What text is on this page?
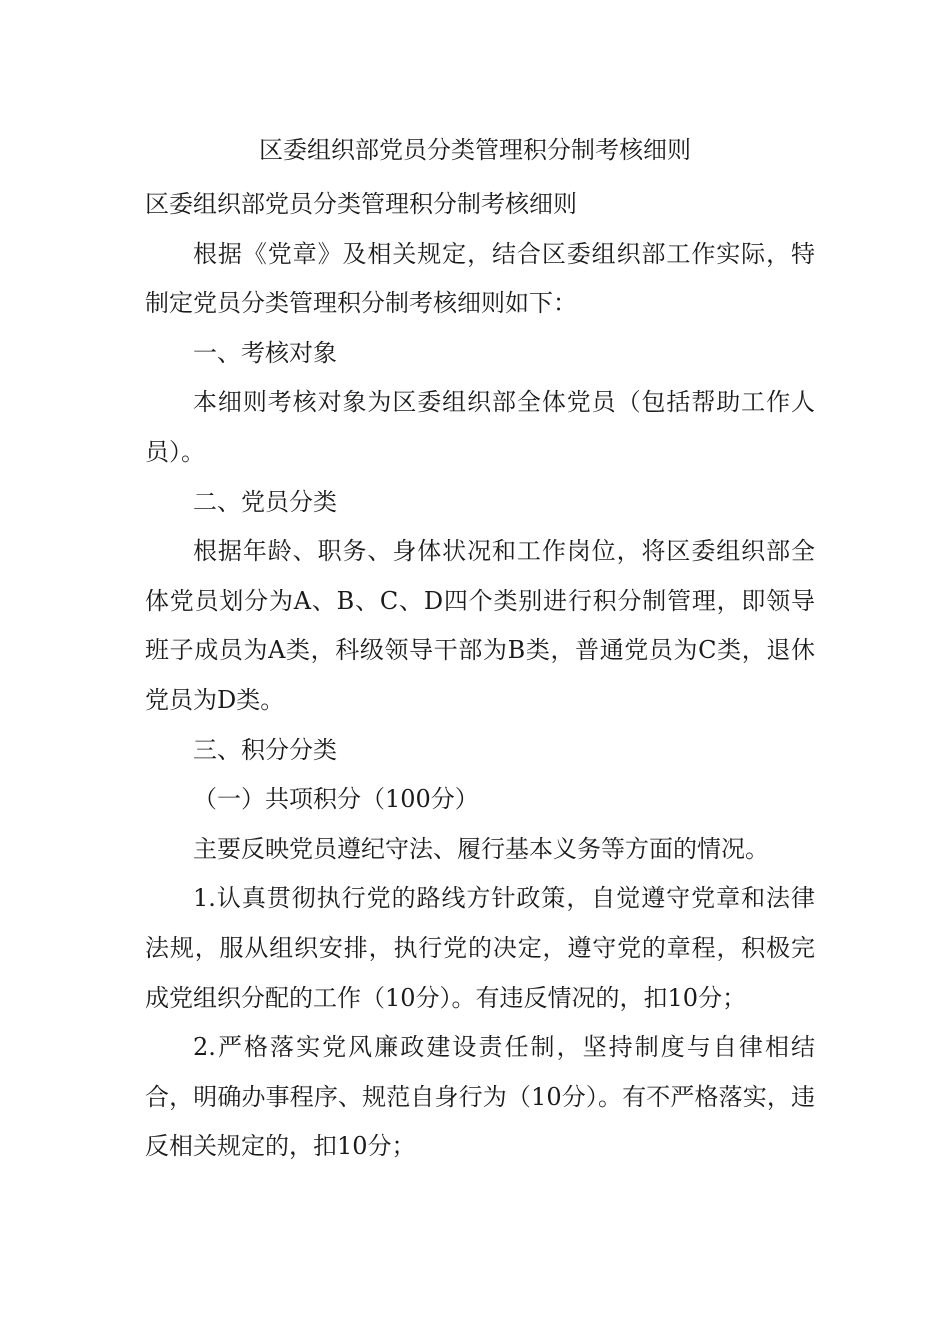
区委组织部党员分类管理积分制考核细则

区委组织部党员分类管理积分制考核细则

根据《党章》及相关规定，结合区委组织部工作实际，特制定党员分类管理积分制考核细则如下：

一、考核对象

本细则考核对象为区委组织部全体党员（包括帮助工作人员）。

二、党员分类

根据年龄、职务、身体状况和工作岗位，将区委组织部全体党员划分为A、B、C、D四个类别进行积分制管理，即领导班子成员为A类，科级领导干部为B类，普通党员为C类，退休党员为D类。

三、积分分类

（一）共项积分（100分）

主要反映党员遵纪守法、履行基本义务等方面的情况。

1.认真贯彻执行党的路线方针政策，自觉遵守党章和法律法规，服从组织安排，执行党的决定，遵守党的章程，积极完成党组织分配的工作（10分）。有违反情况的，扣10分；

2.严格落实党风廉政建设责任制，坚持制度与自律相结合，明确办事程序、规范自身行为（10分）。有不严格落实，违反相关规定的，扣10分；
